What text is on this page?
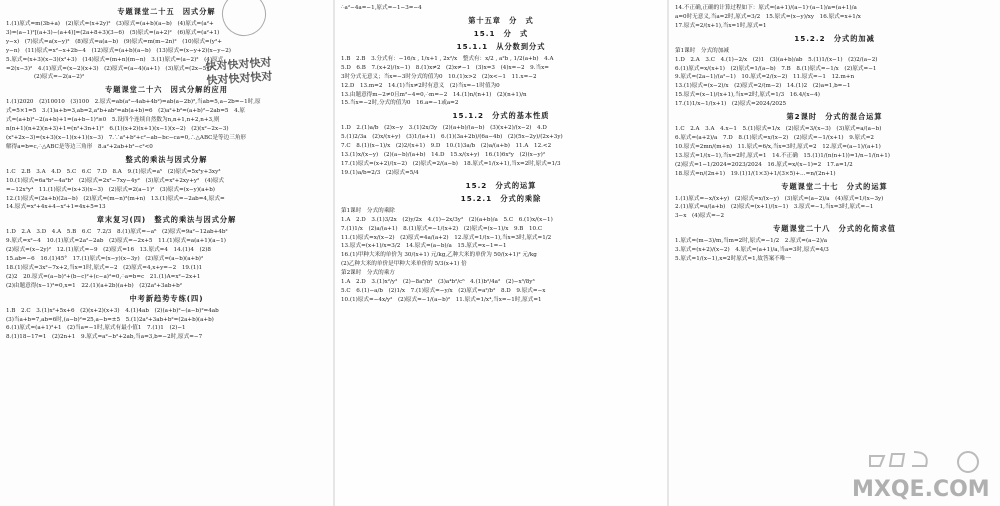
专题课堂二十五　因式分解
1.(1)原式=m(3b+a)　(2)原式=(x+2y)²　(3)原式=(a+b)(a−b)　(4)原式=(a²+
3)=(a−1)²[(a+3)−(a+4)]=(2a+8+3)(3−6)　(5)原式=(a+2)²　(6)原式=(a²+1)
y−x)　(7)原式=a(x−y)²　(8)原式=a(a−b)　(9)原式=m(m−2n)²　(10)原式=(y²+
y−n)　(11)原式=x²−x+2b−4　(12)原式=(a+b)(a−b)　(13)原式=(x−y+2)(x−y−2)
5.原式=(x+3)(x−3)(x²+3)　(14)原式=(m+n)(m−n)　3.(1)原式=(a−2)²　(4)原式
=2(x−3)²　4.(1)原式=(x−2)(x+3)　(2)原式=(a−4)(a+1)　(3)原式=(2x−5y)²
　　　　　(2)原式=−2(a−2)²
专题课堂二十六　因式分解的应用
1.(1)2020　(2)10010　(3)100　2.原式=ab(a²−4ab+4b²)=ab(a−2b)²,当ab=5,a−2b=−1时,原
式=5×1=5　3.(1)a+b=3,ab=2,a²b+ab²=ab(a+b)=6　(2)a²+b²=(a+b)²−2ab=5　4.原
式=(a+b)²−2(a+b)+1=(a+b−1)²≥0　5.设四个连续自然数为n,n+1,n+2,n+3,则
n(n+1)(n+2)(n+3)+1=(n²+3n+1)²　6.(1)(x+2)(x+1)(x−1)(x−2)　(2)(x²−2x−3)
(x²+2x−3)=(x+3)(x−1)(x+1)(x−3)　7.∵a²+b²+c²−ab−bc−ca=0,∴△ABC是等边三角形
解得a=b=c,∴△ABC是等边三角形　8.a²+2ab+b²−c²<0
整式的乘法与因式分解
1.C　2.B　3.A　4.D　5.C　6.C　7.D　8.A　9.(1)原式=a⁵　(2)原式=5x³y+3xy³
10.(1)原式=6a³b²−4a²b³　(2)原式=2x²−7xy−4y²　(3)原式=x²+2xy+y²　(4)原式
=−12x³y⁴　11.(1)原式=(x+3)(x−3)　(2)原式=2(a−1)²　(3)原式=(x−y)(a+b)
12.(1)原式=(2a+b)(2a−b)　(2)原式=(m−n)²(m+n)　13.(1)原式=−2ab=4,原式=
14.原式=x²+4x+4−x²+1=4x+5=13
章末复习(四)　整式的乘法与因式分解
1.D　2.A　3.D　4.A　5.B　6.C　7.2/3　8.(1)原式=−a⁶　(2)原式=9a²−12ab+4b²
9.原式=x²−4　10.(1)原式=2a²−2ab　(2)原式=−2x+5　11.(1)原式=a(a+1)(a−1)
(2)原式=(x−2y)²　12.(1)原式=−9　(2)原式=16　13.原式=4　14.(1)4　(2)8
15.ab=−6　16.(1)45°　17.(1)原式=(x−y)(x−3y)　(2)原式=(a−b)(a+b)²
18.(1)原式=3x²−7x+2,当x=1时,原式=−2　(2)原式=4,x+y=−2　19.(1)1
(2)2　20.原式=(a−b)²+(b−c)²+(c−a)²=0,∴a=b=c　21.(1)A=x²−2x+1
(2)由题意得(x−1)²=0,x=1　22.(1)(a+2b)(a+b)　(2)2a²+3ab+b²
中考新趋势专练(四)
1.B　2.C　3.(1)x²+5x+6　(2)(x+2)(x+3)　4.(1)4ab　(2)(a+b)²−(a−b)²=4ab
(3)当a+b=7,ab=6时,(a−b)²=25,a−b=±5　5.(1)2a²+3ab+b²=(2a+b)(a+b)
6.(1)原式=(a+1)²+1　(2)当a=−1时,原式有最小值1　7.(1)1　(2)−1
8.(1)18−17=1　(2)2n+1　9.原式=a²−b²+2ab,当a=3,b=−2时,原式=−7
快对快对快对
快对快对快对
∴a²−4a=−1,原式=−1−3=−4
第十五章　分　式
15.1　分　式
15.1.1　从分数到分式
1.B　2.B　3.分式有：−16/x , 1/x+1 , 2x²/x　整式有：x/2 , a²b , 1/2(a+b)　4.A
5.D　6.B　7.(x+2)/(x−1)　8.(1)x≠2　(2)x≠−1　(3)x=3　(4)x=−2　9.当x=
3时分式无意义；当x=−3时分式的值为0　10.(1)x>2　(2)x<−1　11.x=−2
12.D　13.m=2　14.(1)当x≠2时有意义　(2)当x=−1时值为0
13.由题意得m−2≠0且m²−4=0,∴m=−2　14.(1)n/(n+1)　(2)(n+1)/n
15.当x=−2时,分式的值为0　16.a=−1或a=2
15.1.2　分式的基本性质
1.D　2.(1)a/b　(2)x−y　3.(1)2x/3y　(2)(a+b)/(a−b)　(3)(x+2)/(x−2)　4.D
5.(1)2/3a　(2)x/(x+y)　(3)1/(a+1)　6.(1)(3a+2b)/(6a−4b)　(2)(5x−2y)/(2x+3y)
7.C　8.(1)(x−1)/x　(2)2/(x+1)　9.D　10.(1)3a/b　(2)a/(a+b)　11.A　12.<2
13.(1)x/(x−y)　(2)(a−b)/(a+b)　14.D　15.x/(x+y)　16.(1)6x²y　(2)(x−y)²
17.(1)原式=(x+2)/(x−2)　(2)原式=2/(a−b)　18.原式=1/(x+1),当x=2时,原式=1/3
19.(1)a/b=2/3　(2)原式=5/4
15.2　分式的运算
15.2.1　分式的乘除
第1课时　分式的乘除
1.A　2.D　3.(1)3/2x　(2)y/2x　4.(1)−2x/3y²　(2)(a+b)/a　5.C　6.(1)x/(x−1)
7.(1)1/x　(2)a/(a+1)　8.(1)原式=−1/(x+2)　(2)原式=(x−1)/x　9.B　10.C
11.(1)原式=x/(x−2)　(2)原式=4a/(a+2)　12.原式=1/(x−1),当x=3时,原式=1/2
13.原式=(x+1)/x=3/2　14.原式=(a−b)/a　15.原式=x−1=−1
16.(1)甲种大米的单价为 30/(x+1) 元/kg,乙种大米的单价为 50/(x+1)² 元/kg
(2)乙种大米的单价是甲种大米单价的 5/3(x+1) 倍
第2课时　分式的乘方
1.A　2.D　3.(1)x²/y²　(2)−8a³/b³　(3)a⁴b²/c⁶　4.(1)b²/4a²　(2)−x³/8y³
5.C　6.(1)−a/b　(2)1/x　7.(1)原式=−y/x　(2)原式=a²/b²　8.D　9.原式=−x
10.(1)原式=−4x/y²　(2)原式=−1/(a−b)²　11.原式=1/x⁴,当x=−1时,原式=1
14.不正确,正确的计算过程如下：原式=(a+1)/(a−1)·(a−1)/a=(a+1)/a
a=0时无意义,当a=2时,原式=3/2　15.原式=(x−y)/xy　16.原式=x+1/x
17.原式=2/(x+1),当x=1时,原式=1
15.2.2　分式的加减
第1课时　分式的加减
1.D　2.A　3.C　4.(1)−2/x　(2)1　(3)(a+b)/ab　5.(1)1/(x−1)　(2)2/(a−2)
6.(1)原式=x/(x+1)　(2)原式=1/(a−b)　7.B　8.(1)原式=−1/x　(2)原式=−1
9.原式=(2a−1)/(a²−1)　10.原式=2/(x−2)　11.原式=−1　12.m+n
13.(1)原式=(x−2)/x　(2)原式=2/(m−2)　14.(1)2　(2)a=1,b=−1
15.原式=(x−1)/(x+1),当x=2时,原式=1/3　16.4/(x−4)
17.(1)1/x−1/(x+1)　(2)原式=2024/2025
第2课时　分式的混合运算
1.C　2.A　3.A　4.x−1　5.(1)原式=1/x　(2)原式=3/(x−3)　(3)原式=a/(a−b)
6.原式=(a+2)/a　7.D　8.(1)原式=x/(x−2)　(2)原式=−1/(x+1)　9.原式=2
10.原式=2mn/(m+n)　11.原式=6/x,当x=3时,原式=2　12.原式=(a−1)/(a+1)
13.原式=1/(x−1),当x=2时,原式=1　14.不正确　15.(1)1/(n(n+1))=1/n−1/(n+1)
(2)原式=1−1/2024=2023/2024　16.原式=x/(x−1)=2　17.a=1/2
18.原式=n/(2n+1)　19.(1)1/(1×3)+1/(3×5)+…=n/(2n+1)
专题课堂二十七　分式的运算
1.(1)原式=−x/(x+y)　(2)原式=x/(x−y)　(3)原式=(a−2)/a　(4)原式=1/(x−3y)
2.(1)原式=a/(a+b)　(2)原式=(x+1)/(x−1)　3.原式=−1,当x=3时,原式=−1
3−x　(4)原式=−2
专题课堂二十八　分式的化简求值
1.原式=(m−3)/m,当m=2时,原式=−1/2　2.原式=(a−2)/a
3.原式=(x+2)/(x−2)　4.原式=(a+1)/a,当a=3时,原式=4/3
5.原式=1/(x−1),x=2时原式=1,故答案不唯一
MXQE.COM
